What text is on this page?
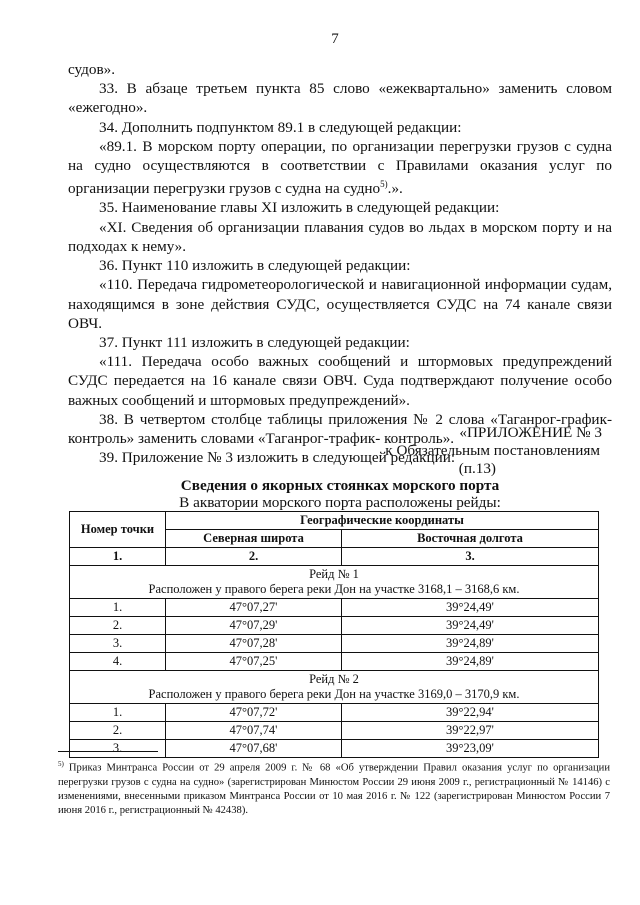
7

судов».

33. В абзаце третьем пункта 85 слово «ежеквартально» заменить словом «ежегодно».

34. Дополнить подпунктом 89.1 в следующей редакции:

«89.1. В морском порту операции, по организации перегрузки грузов с судна на судно осуществляются в соответствии с Правилами оказания услуг по организации перегрузки грузов с судна на судно$^{5)}$.».

35. Наименование главы XI изложить в следующей редакции:

«XI. Сведения об организации плавания судов во льдах в морском порту и на подходах к нему».

36. Пункт 110 изложить в следующей редакции:

«110. Передача гидрометеорологической и навигационной информации судам, находящимся в зоне действия СУДС, осуществляется СУДС на 74 канале связи ОВЧ.

37. Пункт 111 изложить в следующей редакции:

«111. Передача особо важных сообщений и штормовых предупреждений СУДС передается на 16 канале связи ОВЧ. Суда подтверждают получение особо важных сообщений и штормовых предупреждений».

38. В четвертом столбце таблицы приложения № 2 слова «Таганрог-график-контроль» заменить словами «Таганрог-трафик- контроль».

39. Приложение № 3 изложить в следующей редакции:

«ПРИЛОЖЕНИЕ № 3
к Обязательным постановлениям
(п.13)
Сведения о якорных стоянках морского порта
В акватории морского порта расположены рейды:
Номер точки	Географические координаты	
	Северная широта	Восточная долгота
1.	2.	3.

Рейд № 1
Расположен у правого берега реки Дон на участке 3168,1 – 3168,6 км.		

1.	47°07,27'	39°24,49'
2.	47°07,29'	39°24,49'
3.	47°07,28'	39°24,89'
4.	47°07,25'	39°24,89'

Рейд № 2
Расположен у правого берега реки Дон на участке 3169,0 – 3170,9 км.		

1.	47°07,72'	39°22,94'
2.	47°07,74'	39°22,97'
3.	47°07,68'	39°23,09'
$^{5)}$ Приказ Минтранса России от 29 апреля 2009 г. № 68 «Об утверждении Правил оказания услуг по организации перегрузки грузов с судна на судно» (зарегистрирован Минюстом России 29 июня 2009 г., регистрационный № 14146) с изменениями, внесенными приказом Минтранса России от 10 мая 2016 г. № 122 (зарегистрирован Минюстом России 7 июня 2016 г., регистрационный № 42438).
